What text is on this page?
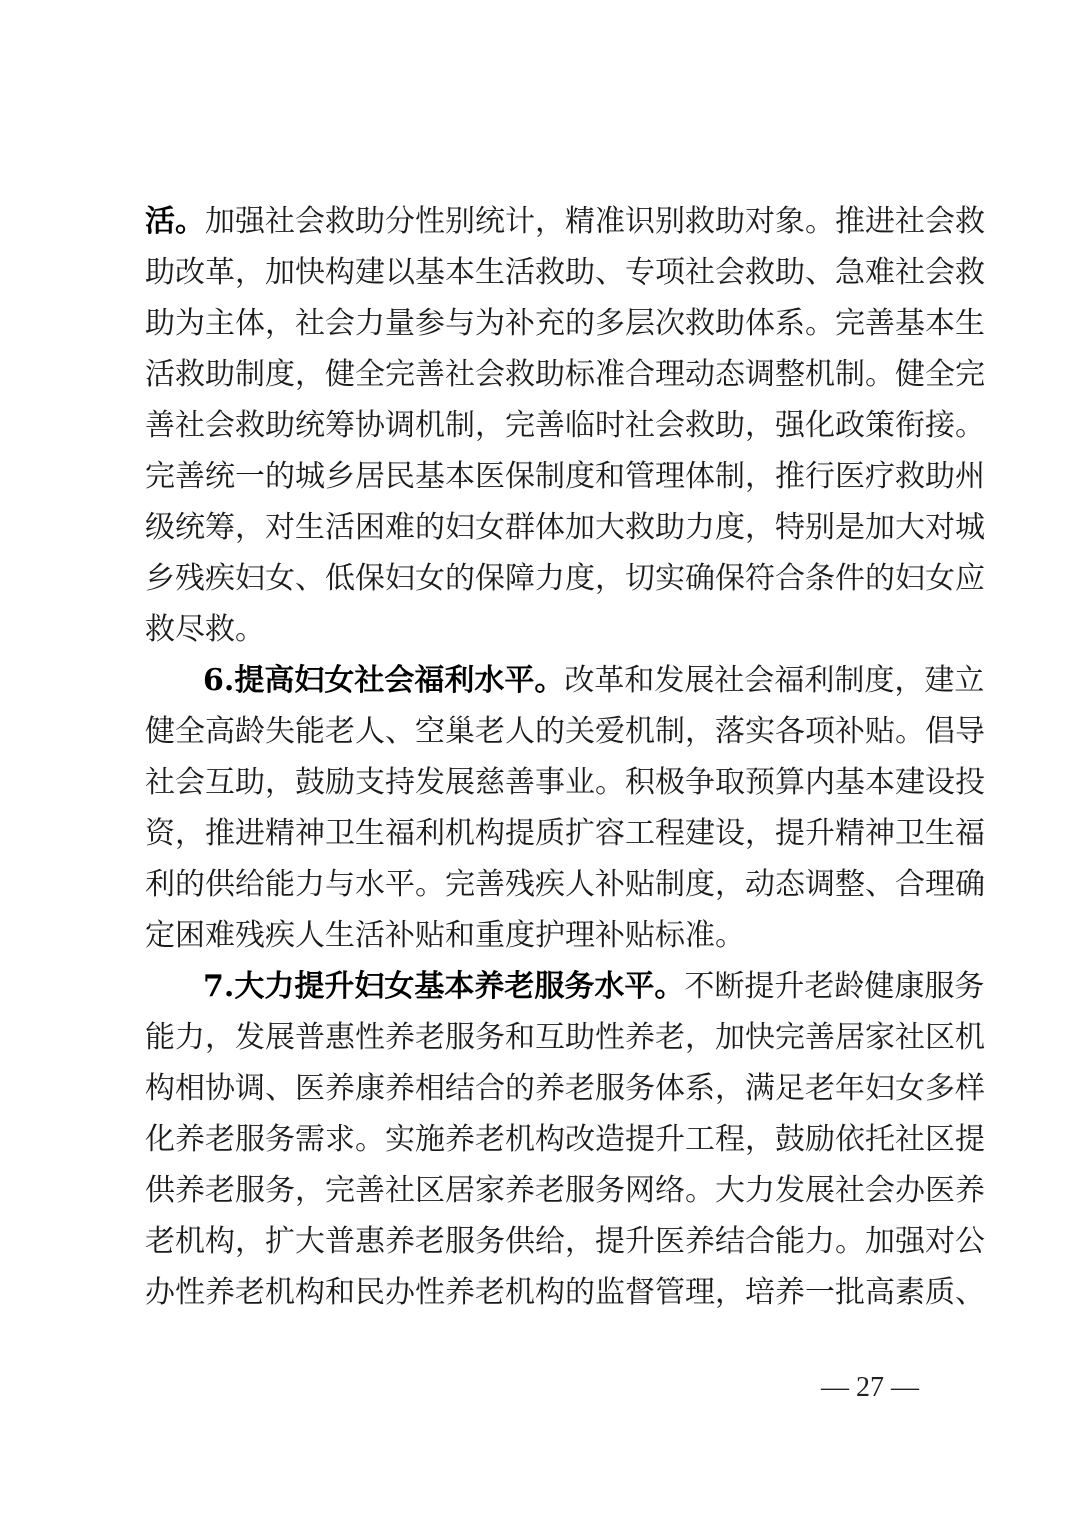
活。加强社会救助分性别统计，精准识别救助对象。推进社会救
助改革，加快构建以基本生活救助、专项社会救助、急难社会救
助为主体，社会力量参与为补充的多层次救助体系。完善基本生
活救助制度，健全完善社会救助标准合理动态调整机制。健全完
善社会救助统筹协调机制，完善临时社会救助，强化政策衔接。
完善统一的城乡居民基本医保制度和管理体制，推行医疗救助州
级统筹，对生活困难的妇女群体加大救助力度，特别是加大对城
乡残疾妇女、低保妇女的保障力度，切实确保符合条件的妇女应
救尽救。
6.提高妇女社会福利水平。改革和发展社会福利制度，建立
健全高龄失能老人、空巢老人的关爱机制，落实各项补贴。倡导
社会互助，鼓励支持发展慈善事业。积极争取预算内基本建设投
资，推进精神卫生福利机构提质扩容工程建设，提升精神卫生福
利的供给能力与水平。完善残疾人补贴制度，动态调整、合理确
定困难残疾人生活补贴和重度护理补贴标准。
7.大力提升妇女基本养老服务水平。不断提升老龄健康服务
能力，发展普惠性养老服务和互助性养老，加快完善居家社区机
构相协调、医养康养相结合的养老服务体系，满足老年妇女多样
化养老服务需求。实施养老机构改造提升工程，鼓励依托社区提
供养老服务，完善社区居家养老服务网络。大力发展社会办医养
老机构，扩大普惠养老服务供给，提升医养结合能力。加强对公
办性养老机构和民办性养老机构的监督管理，培养一批高素质、
— 27 —
